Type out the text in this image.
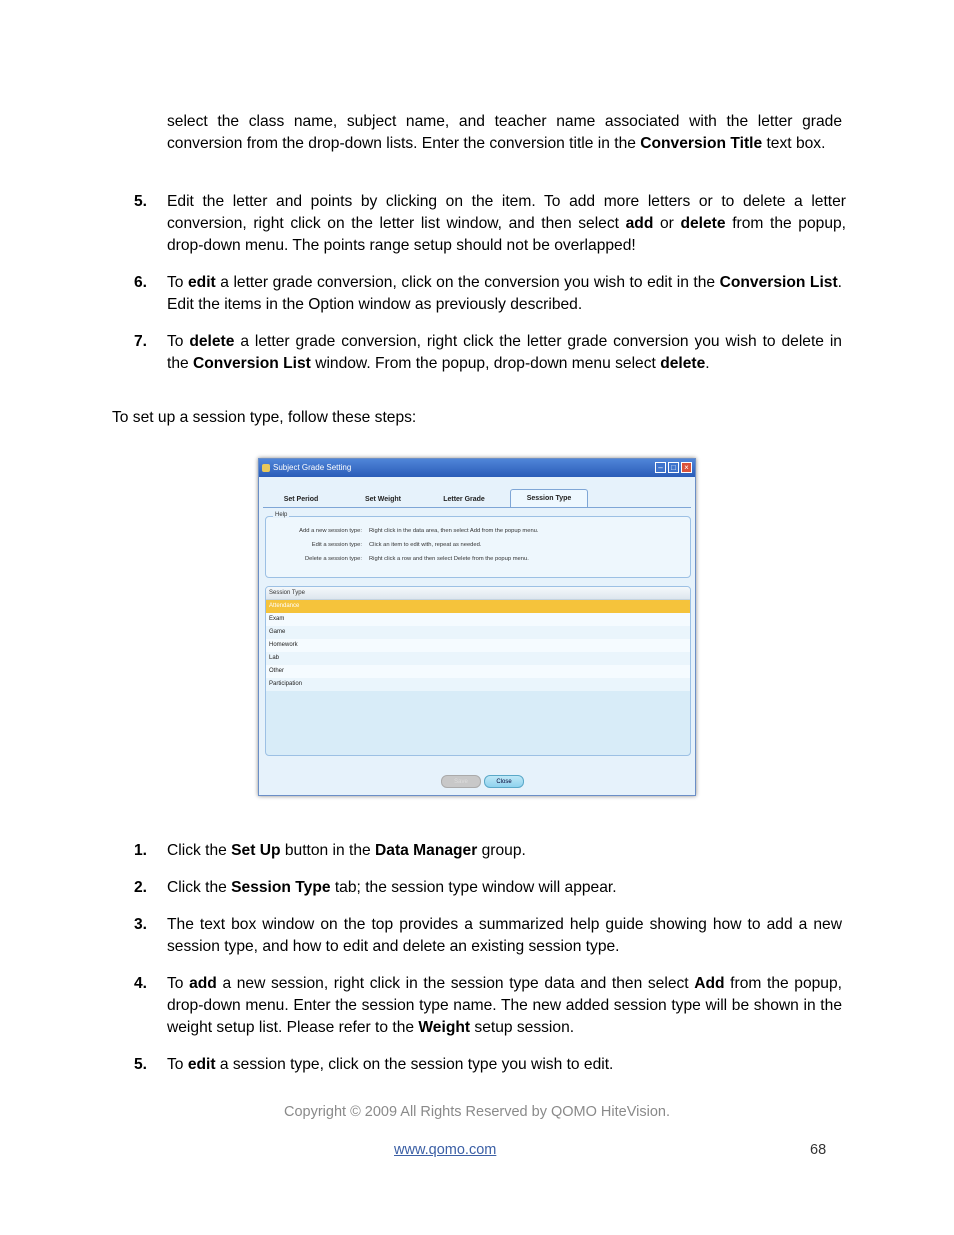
select the class name, subject name, and teacher name associated with the letter grade conversion from the drop-down lists. Enter the conversion title in the Conversion Title text box.
5. Edit the letter and points by clicking on the item. To add more letters or to delete a letter conversion, right click on the letter list window, and then select add or delete from the popup, drop-down menu. The points range setup should not be overlapped!
6. To edit a letter grade conversion, click on the conversion you wish to edit in the Conversion List. Edit the items in the Option window as previously described.
7. To delete a letter grade conversion, right click the letter grade conversion you wish to delete in the Conversion List window. From the popup, drop-down menu select delete.
To set up a session type, follow these steps:
Subject Grade Setting	–	□	×
Set Period	Set Weight	Letter Grade	Session Type
Help
Add a new session type: Right click in the data area, then select Add from the popup menu.
Edit a session type: Click an item to edit with, repeat as needed.
Delete a session type: Right click a row and then select Delete from the popup menu.
Session Type
Attendance
Exam
Game
Homework
Lab
Other
Participation
Save	Close
1. Click the Set Up button in the Data Manager group.
2. Click the Session Type tab; the session type window will appear.
3. The text box window on the top provides a summarized help guide showing how to add a new session type, and how to edit and delete an existing session type.
4. To add a new session, right click in the session type data and then select Add from the popup, drop-down menu. Enter the session type name. The new added session type will be shown in the weight setup list. Please refer to the Weight setup session.
5. To edit a session type, click on the session type you wish to edit.
Copyright © 2009 All Rights Reserved by QOMO HiteVision.
www.qomo.com	68
